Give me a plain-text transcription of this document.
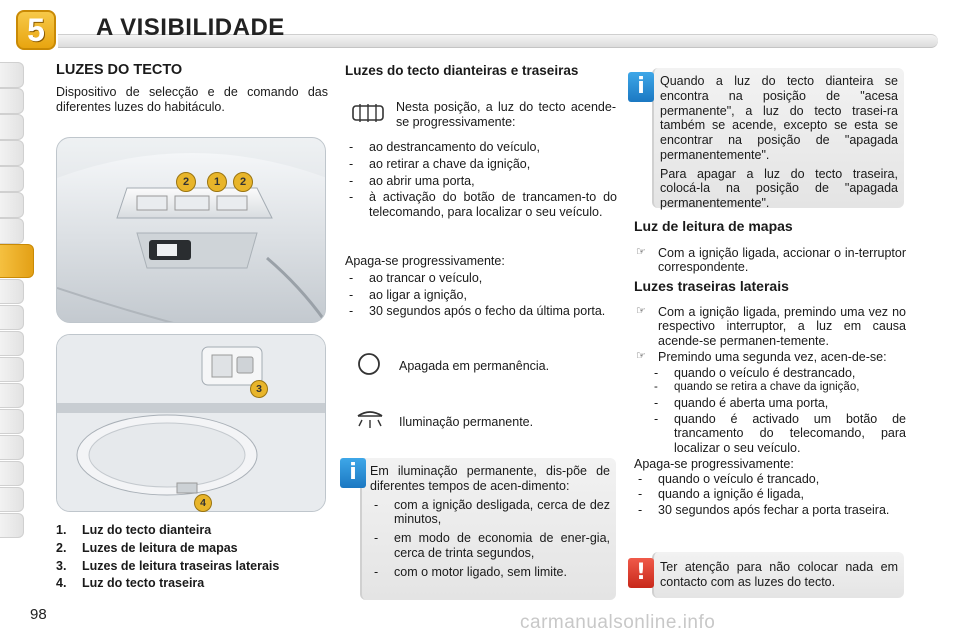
5	A VISIBILIDADE
LUZES DO TECTO

Dispositivo de selecção e de comando das diferentes luzes do habitáculo.

2	1	2
3
4
1. Luz do tecto dianteira
2. Luzes de leitura de mapas
3. Luzes de leitura traseiras laterais
4. Luz do tecto traseira
Luzes do tecto dianteiras e traseiras

Nesta posição, a luz do tecto acende-se progressivamente:

- ao destrancamento do veículo,
- ao retirar a chave da ignição,
- ao abrir uma porta,
- à activação do botão de trancamen-to do telecomando, para localizar o seu veículo.

Apaga-se progressivamente:

- ao trancar o veículo,
- ao ligar a ignição,
- 30 segundos após o fecho da última porta.

Apagada em permanência.

Iluminação permanente.

i	Em iluminação permanente, dis-põe de diferentes tempos de acen-dimento:

- com a ignição desligada, cerca de dez minutos,
- em modo de economia de ener-gia, cerca de trinta segundos,
- com o motor ligado, sem limite.
i	Quando a luz do tecto dianteira se encontra na posição de "acesa permanente", a luz do tecto trasei-ra também se acende, excepto se esta se encontrar na posição de "apagada permanentemente".

Para apagar a luz do tecto traseira, colocá-la na posição de "apagada permanentemente".

Luz de leitura de mapas
☞ Com a ignição ligada, accionar o in-terruptor correspondente.
Luzes traseiras laterais
☞ Com a ignição ligada, premindo uma vez no respectivo interruptor, a luz em causa acende-se permanen-temente.
☞ Premindo uma segunda vez, acen-de-se:
- quando o veículo é destrancado,
- quando se retira a chave da ignição,
- quando é aberta uma porta,
- quando é activado um botão de trancamento do telecomando, para localizar o seu veículo.

Apaga-se progressivamente:

- quando o veículo é trancado,
- quando a ignição é ligada,
- 30 segundos após fechar a porta traseira.
!	Ter atenção para não colocar nada em contacto com as luzes do tecto.

98	carmanualsonline.info
